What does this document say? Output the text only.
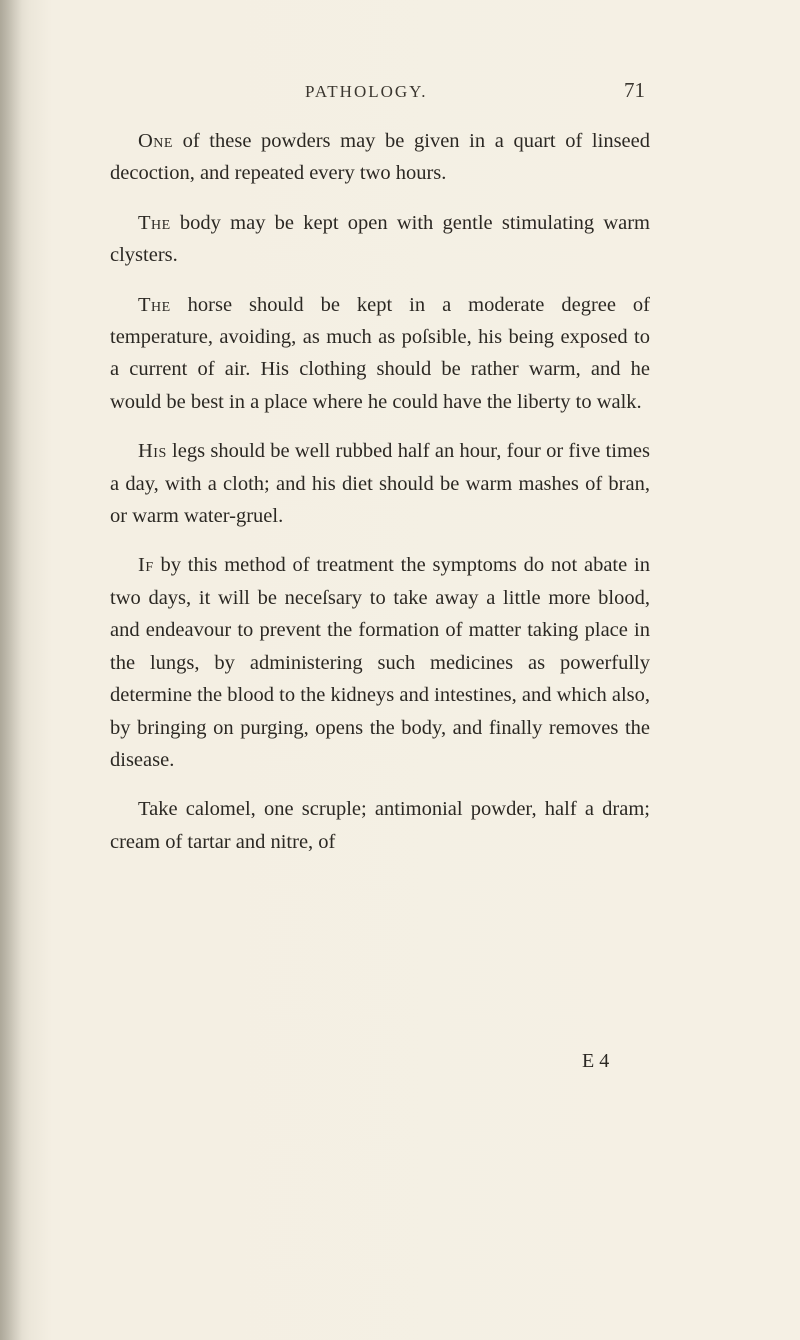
PATHOLOGY.	71

One of these powders may be given in a quart of linseed decoction, and repeated every two hours.

The body may be kept open with gentle stimulating warm clysters.

The horse should be kept in a moderate degree of temperature, avoiding, as much as poſsible, his being exposed to a current of air. His clothing should be rather warm, and he would be best in a place where he could have the liberty to walk.

His legs should be well rubbed half an hour, four or five times a day, with a cloth; and his diet should be warm mashes of bran, or warm water-gruel.

If by this method of treatment the symptoms do not abate in two days, it will be neceſsary to take away a little more blood, and endeavour to prevent the formation of matter taking place in the lungs, by administering such medicines as powerfully determine the blood to the kidneys and intestines, and which also, by bringing on purging, opens the body, and finally removes the disease.

Take calomel, one scruple; antimonial powder, half a dram; cream of tartar and nitre, of

E 4
